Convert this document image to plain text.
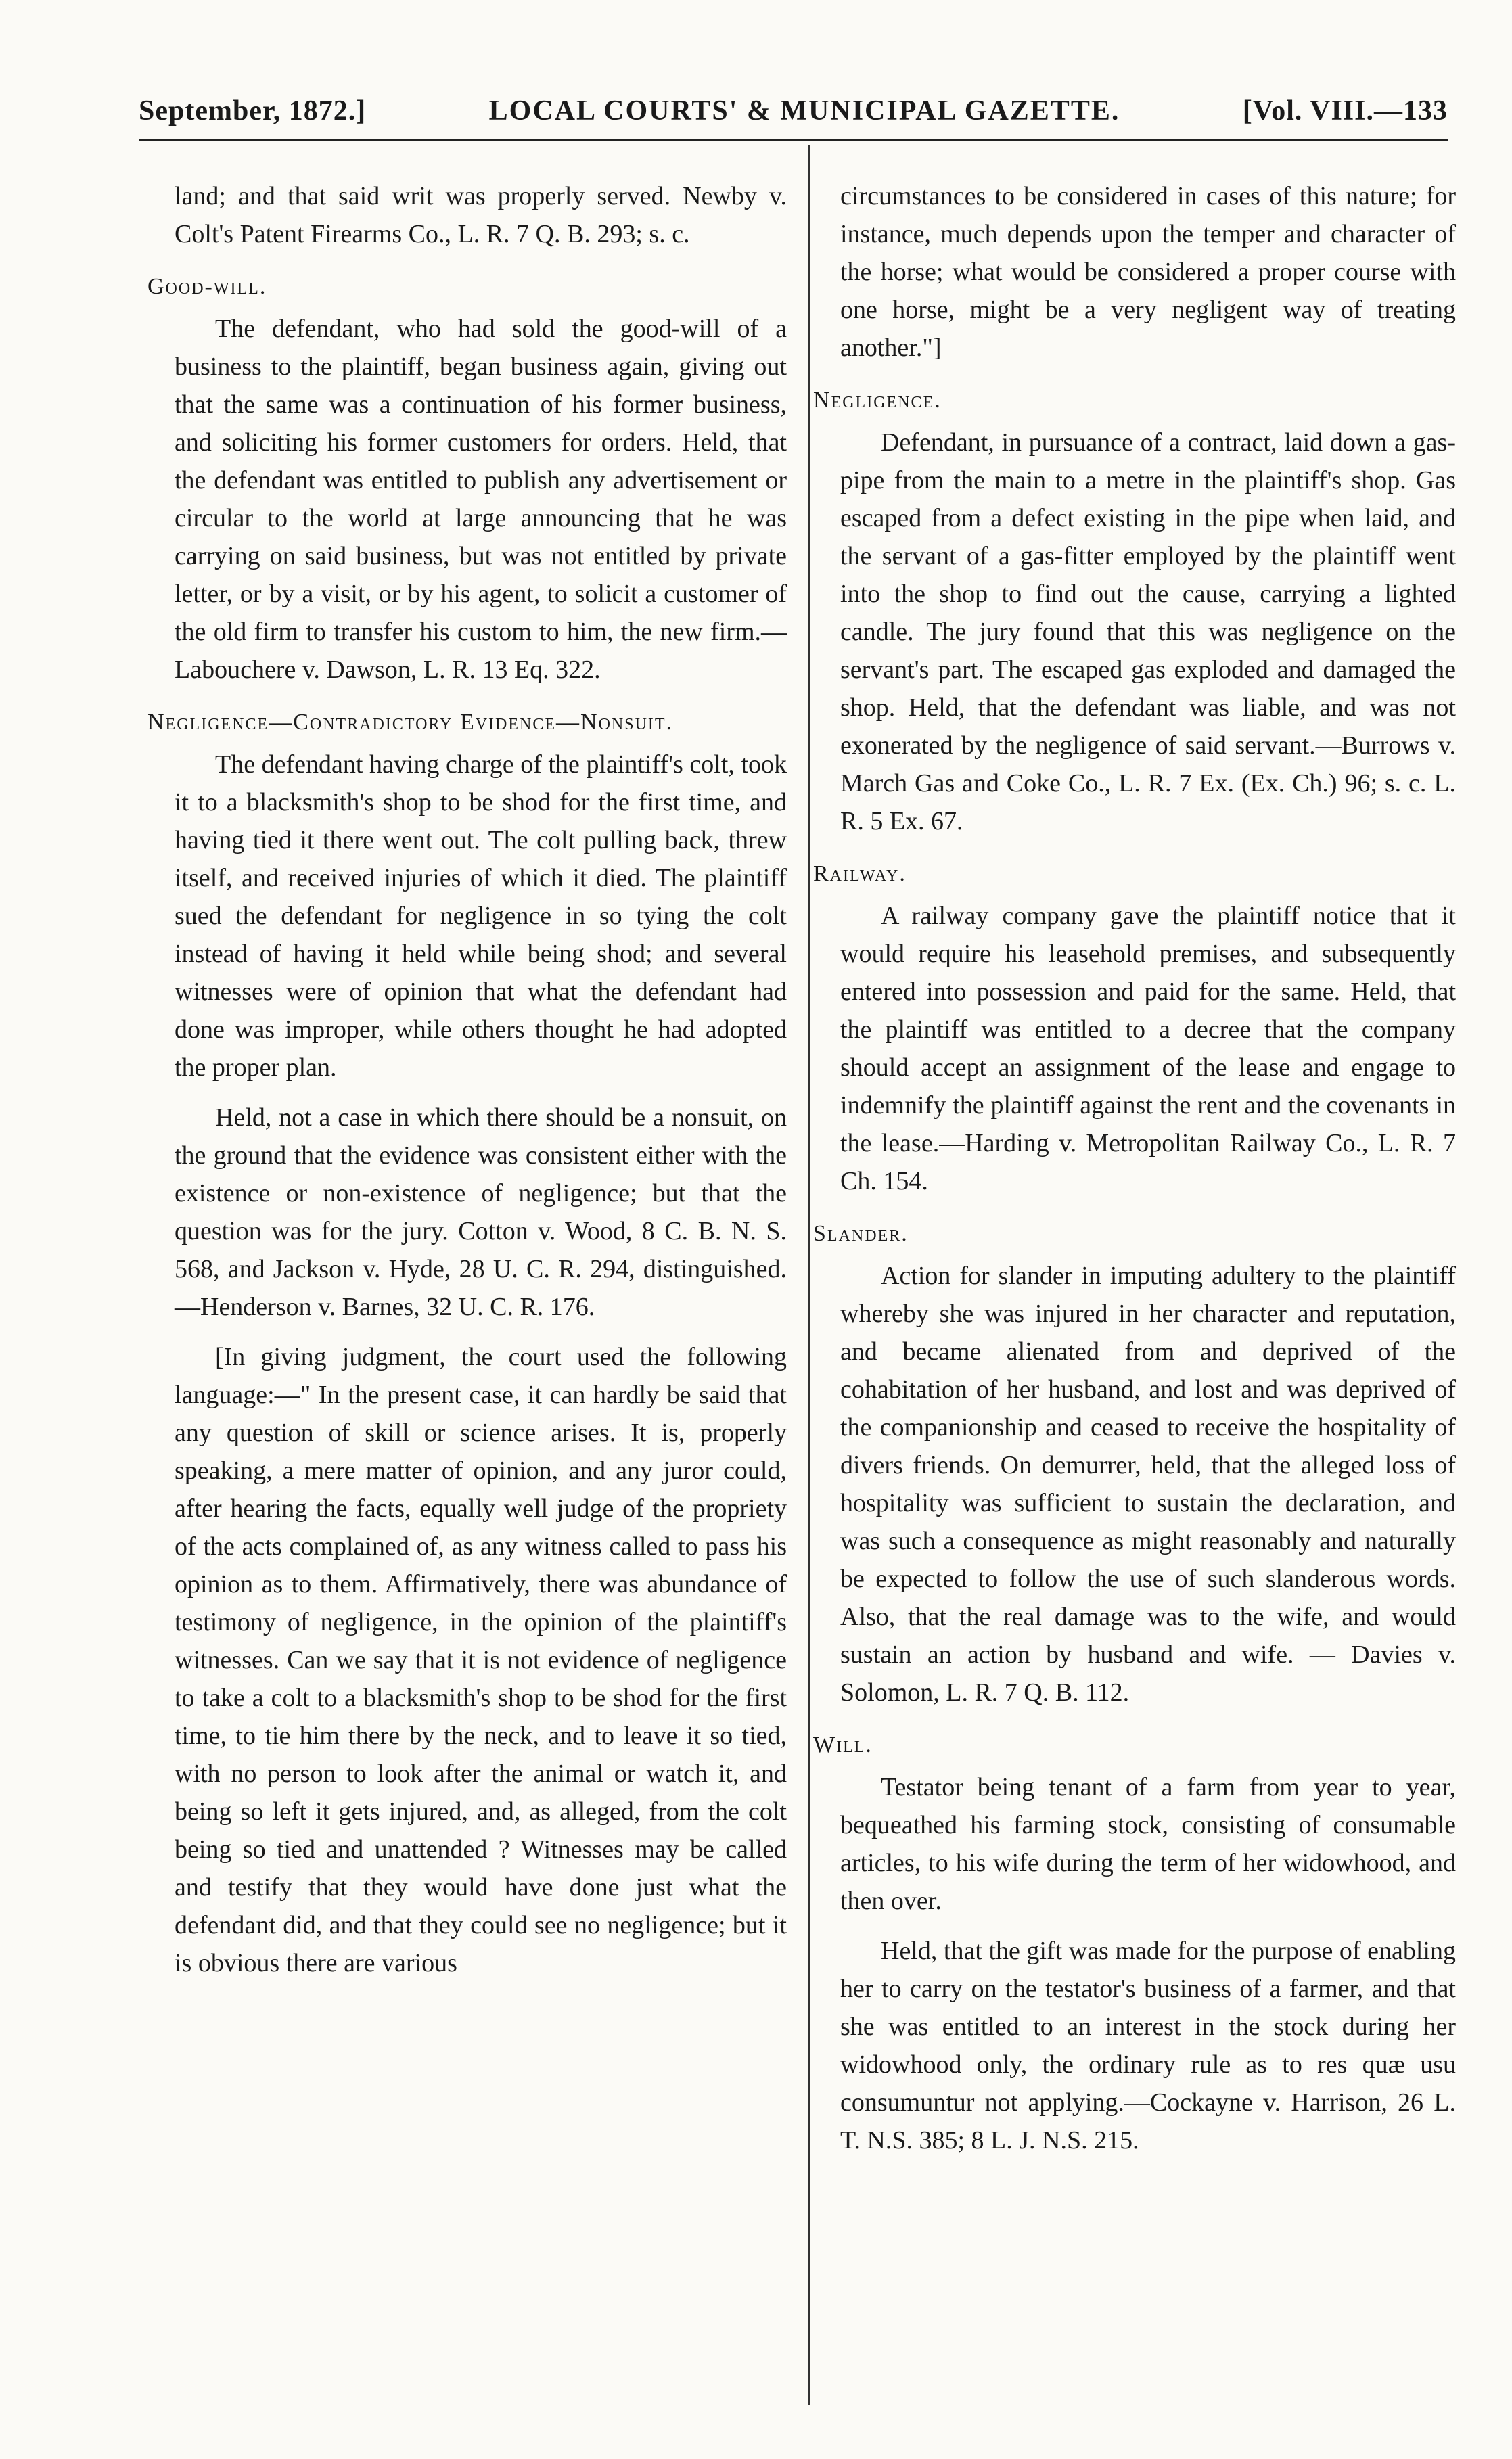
September, 1872.]	LOCAL COURTS' & MUNICIPAL GAZETTE.	[Vol. VIII.—133

land; and that said writ was properly served. Newby v. Colt's Patent Firearms Co., L. R. 7 Q. B. 293; s. c.

Good-will.

The defendant, who had sold the good-will of a business to the plaintiff, began business again, giving out that the same was a continuation of his former business, and soliciting his former customers for orders. Held, that the defendant was entitled to publish any advertisement or circular to the world at large announcing that he was carrying on said business, but was not entitled by private letter, or by a visit, or by his agent, to solicit a customer of the old firm to transfer his custom to him, the new firm.—Labouchere v. Dawson, L. R. 13 Eq. 322.

Negligence—Contradictory Evidence—Nonsuit.

The defendant having charge of the plaintiff's colt, took it to a blacksmith's shop to be shod for the first time, and having tied it there went out. The colt pulling back, threw itself, and received injuries of which it died. The plaintiff sued the defendant for negligence in so tying the colt instead of having it held while being shod; and several witnesses were of opinion that what the defendant had done was improper, while others thought he had adopted the proper plan.

Held, not a case in which there should be a nonsuit, on the ground that the evidence was consistent either with the existence or non-existence of negligence; but that the question was for the jury. Cotton v. Wood, 8 C. B. N. S. 568, and Jackson v. Hyde, 28 U. C. R. 294, distinguished. —Henderson v. Barnes, 32 U. C. R. 176.

[In giving judgment, the court used the following language:—" In the present case, it can hardly be said that any question of skill or science arises. It is, properly speaking, a mere matter of opinion, and any juror could, after hearing the facts, equally well judge of the propriety of the acts complained of, as any witness called to pass his opinion as to them. Affirmatively, there was abundance of testimony of negligence, in the opinion of the plaintiff's witnesses. Can we say that it is not evidence of negligence to take a colt to a blacksmith's shop to be shod for the first time, to tie him there by the neck, and to leave it so tied, with no person to look after the animal or watch it, and being so left it gets injured, and, as alleged, from the colt being so tied and unattended ? Witnesses may be called and testify that they would have done just what the defendant did, and that they could see no negligence; but it is obvious there are various

circumstances to be considered in cases of this nature; for instance, much depends upon the temper and character of the horse; what would be considered a proper course with one horse, might be a very negligent way of treating another."]

Negligence.

Defendant, in pursuance of a contract, laid down a gas-pipe from the main to a metre in the plaintiff's shop. Gas escaped from a defect existing in the pipe when laid, and the servant of a gas-fitter employed by the plaintiff went into the shop to find out the cause, carrying a lighted candle. The jury found that this was negligence on the servant's part. The escaped gas exploded and damaged the shop. Held, that the defendant was liable, and was not exonerated by the negligence of said servant.—Burrows v. March Gas and Coke Co., L. R. 7 Ex. (Ex. Ch.) 96; s. c. L. R. 5 Ex. 67.

Railway.

A railway company gave the plaintiff notice that it would require his leasehold premises, and subsequently entered into possession and paid for the same. Held, that the plaintiff was entitled to a decree that the company should accept an assignment of the lease and engage to indemnify the plaintiff against the rent and the covenants in the lease.—Harding v. Metropolitan Railway Co., L. R. 7 Ch. 154.

Slander.

Action for slander in imputing adultery to the plaintiff whereby she was injured in her character and reputation, and became alienated from and deprived of the cohabitation of her husband, and lost and was deprived of the companionship and ceased to receive the hospitality of divers friends. On demurrer, held, that the alleged loss of hospitality was sufficient to sustain the declaration, and was such a consequence as might reasonably and naturally be expected to follow the use of such slanderous words. Also, that the real damage was to the wife, and would sustain an action by husband and wife. — Davies v. Solomon, L. R. 7 Q. B. 112.

Will.

Testator being tenant of a farm from year to year, bequeathed his farming stock, consisting of consumable articles, to his wife during the term of her widowhood, and then over.

Held, that the gift was made for the purpose of enabling her to carry on the testator's business of a farmer, and that she was entitled to an interest in the stock during her widowhood only, the ordinary rule as to res quæ usu consumuntur not applying.—Cockayne v. Harrison, 26 L. T. N.S. 385; 8 L. J. N.S. 215.
